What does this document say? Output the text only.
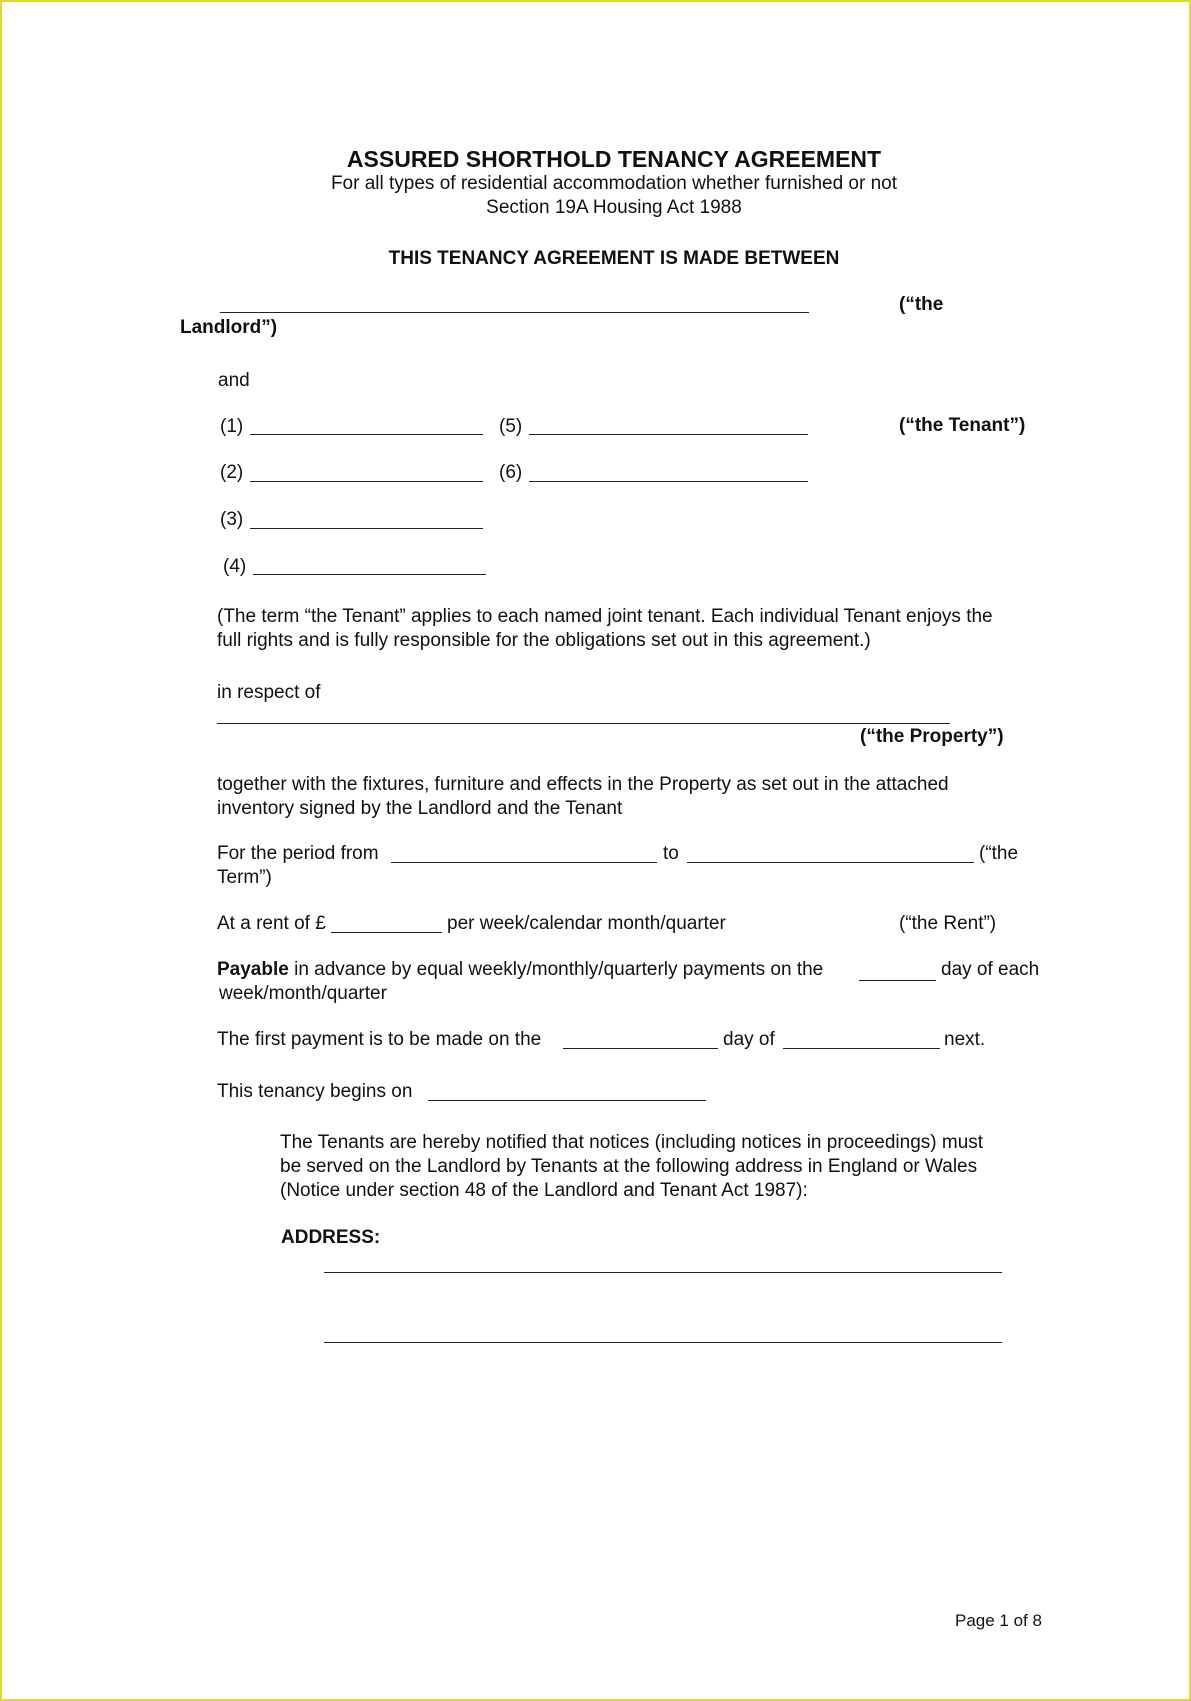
ASSURED SHORTHOLD TENANCY AGREEMENT
For all types of residential accommodation whether furnished or not
Section 19A Housing Act 1988
THIS TENANCY AGREEMENT IS MADE BETWEEN
(“the
Landlord”)
and
(1)	(5)	(“the Tenant”)
(2)	(6)
(3)
(4)
(The term “the Tenant” applies to each named joint tenant. Each individual Tenant enjoys the
full rights and is fully responsible for the obligations set out in this agreement.)
in respect of
(“the Property”)
together with the fixtures, furniture and effects in the Property as set out in the attached
inventory signed by the Landlord and the Tenant
For the period from	to	(“the
Term”)
At a rent of £	per week/calendar month/quarter	(“the Rent”)
Payable in advance by equal weekly/monthly/quarterly payments on the	day of each
week/month/quarter
The first payment is to be made on the	day of	next.
This tenancy begins on
The Tenants are hereby notified that notices (including notices in proceedings) must
be served on the Landlord by Tenants at the following address in England or Wales
(Notice under section 48 of the Landlord and Tenant Act 1987):
ADDRESS:
Page 1 of 8
